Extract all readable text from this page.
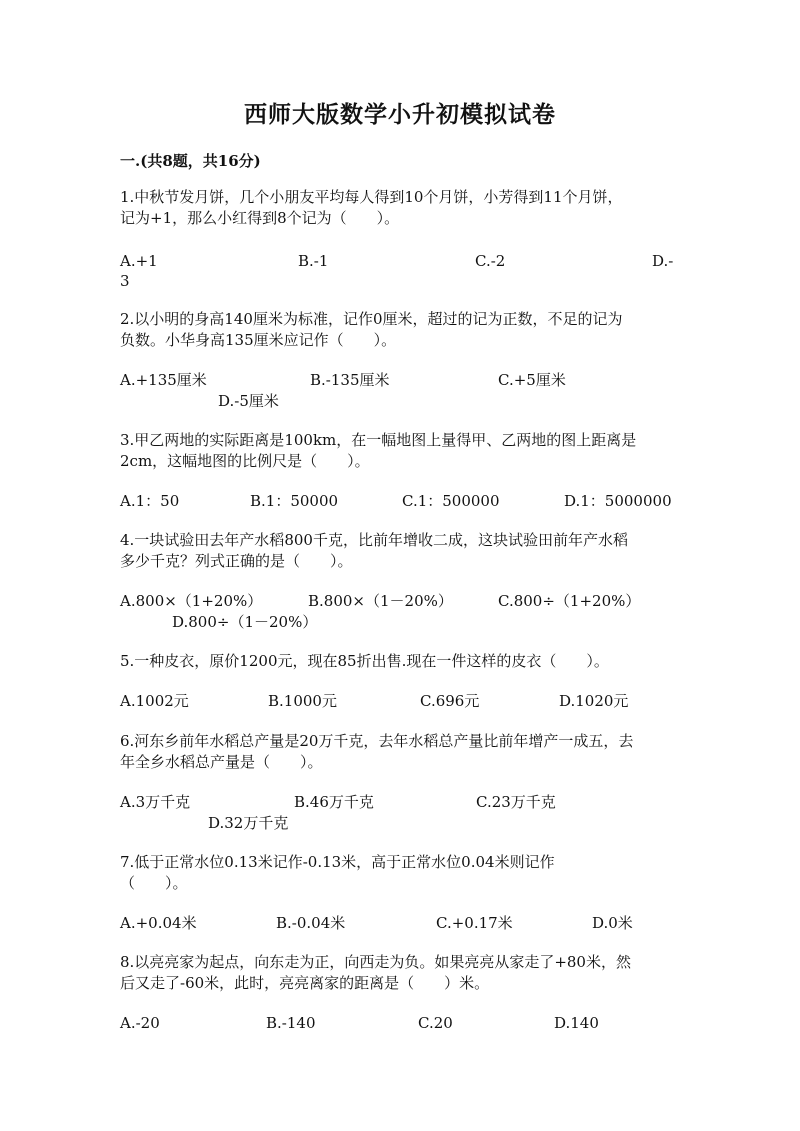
西师大版数学小升初模拟试卷
一.(共8题，共16分)
1.中秋节发月饼，几个小朋友平均每人得到10个月饼，小芳得到11个月饼，
记为+1，那么小红得到8个记为（　　）。
A.+1	B.-1	C.-2	D.-
3
2.以小明的身高140厘米为标准，记作0厘米，超过的记为正数，不足的记为
负数。小华身高135厘米应记作（　　）。
A.+135厘米	B.-135厘米	C.+5厘米
D.-5厘米
3.甲乙两地的实际距离是100km，在一幅地图上量得甲、乙两地的图上距离是
2cm，这幅地图的比例尺是（　　）。
A.1：50	B.1：50000	C.1：500000	D.1：5000000
4.一块试验田去年产水稻800千克，比前年增收二成，这块试验田前年产水稻
多少千克？列式正确的是（　　）。
A.800×（1+20%）	B.800×（1－20%）	C.800÷（1+20%）
D.800÷（1－20%）
5.一种皮衣，原价1200元，现在85折出售.现在一件这样的皮衣（　　）。
A.1002元	B.1000元	C.696元	D.1020元
6.河东乡前年水稻总产量是20万千克，去年水稻总产量比前年增产一成五，去
年全乡水稻总产量是（　　）。
A.3万千克	B.46万千克	C.23万千克
D.32万千克
7.低于正常水位0.13米记作-0.13米，高于正常水位0.04米则记作
（　　）。
A.+0.04米	B.-0.04米	C.+0.17米	D.0米
8.以亮亮家为起点，向东走为正，向西走为负。如果亮亮从家走了+80米，然
后又走了-60米，此时，亮亮离家的距离是（　　）米。
A.-20	B.-140	C.20	D.140
